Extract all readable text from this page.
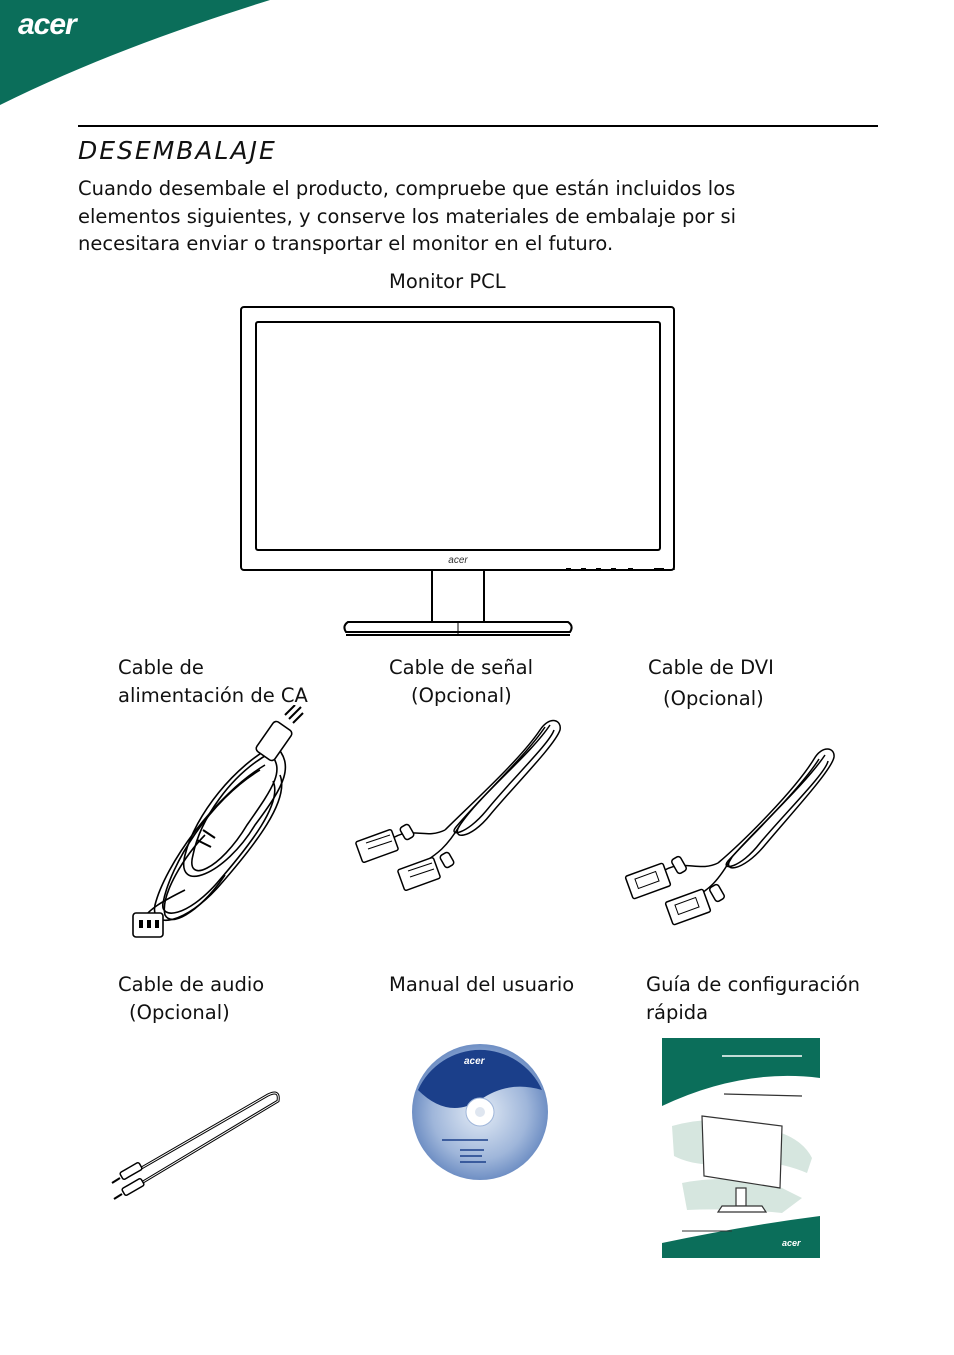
acer
DESEMBALAJE
Cuando desembale el producto, compruebe que están incluidos los
elementos siguientes, y conserve los materiales de embalaje por si
necesitara enviar o transportar el monitor en el futuro.
Monitor PCL
acer
Cable de
alimentación de CA
Cable de señal
(Opcional)
Cable de DVI
(Opcional)
Cable de audio
(Opcional)
Manual del usuario	Guía de configuración
rápida
acer
acer
